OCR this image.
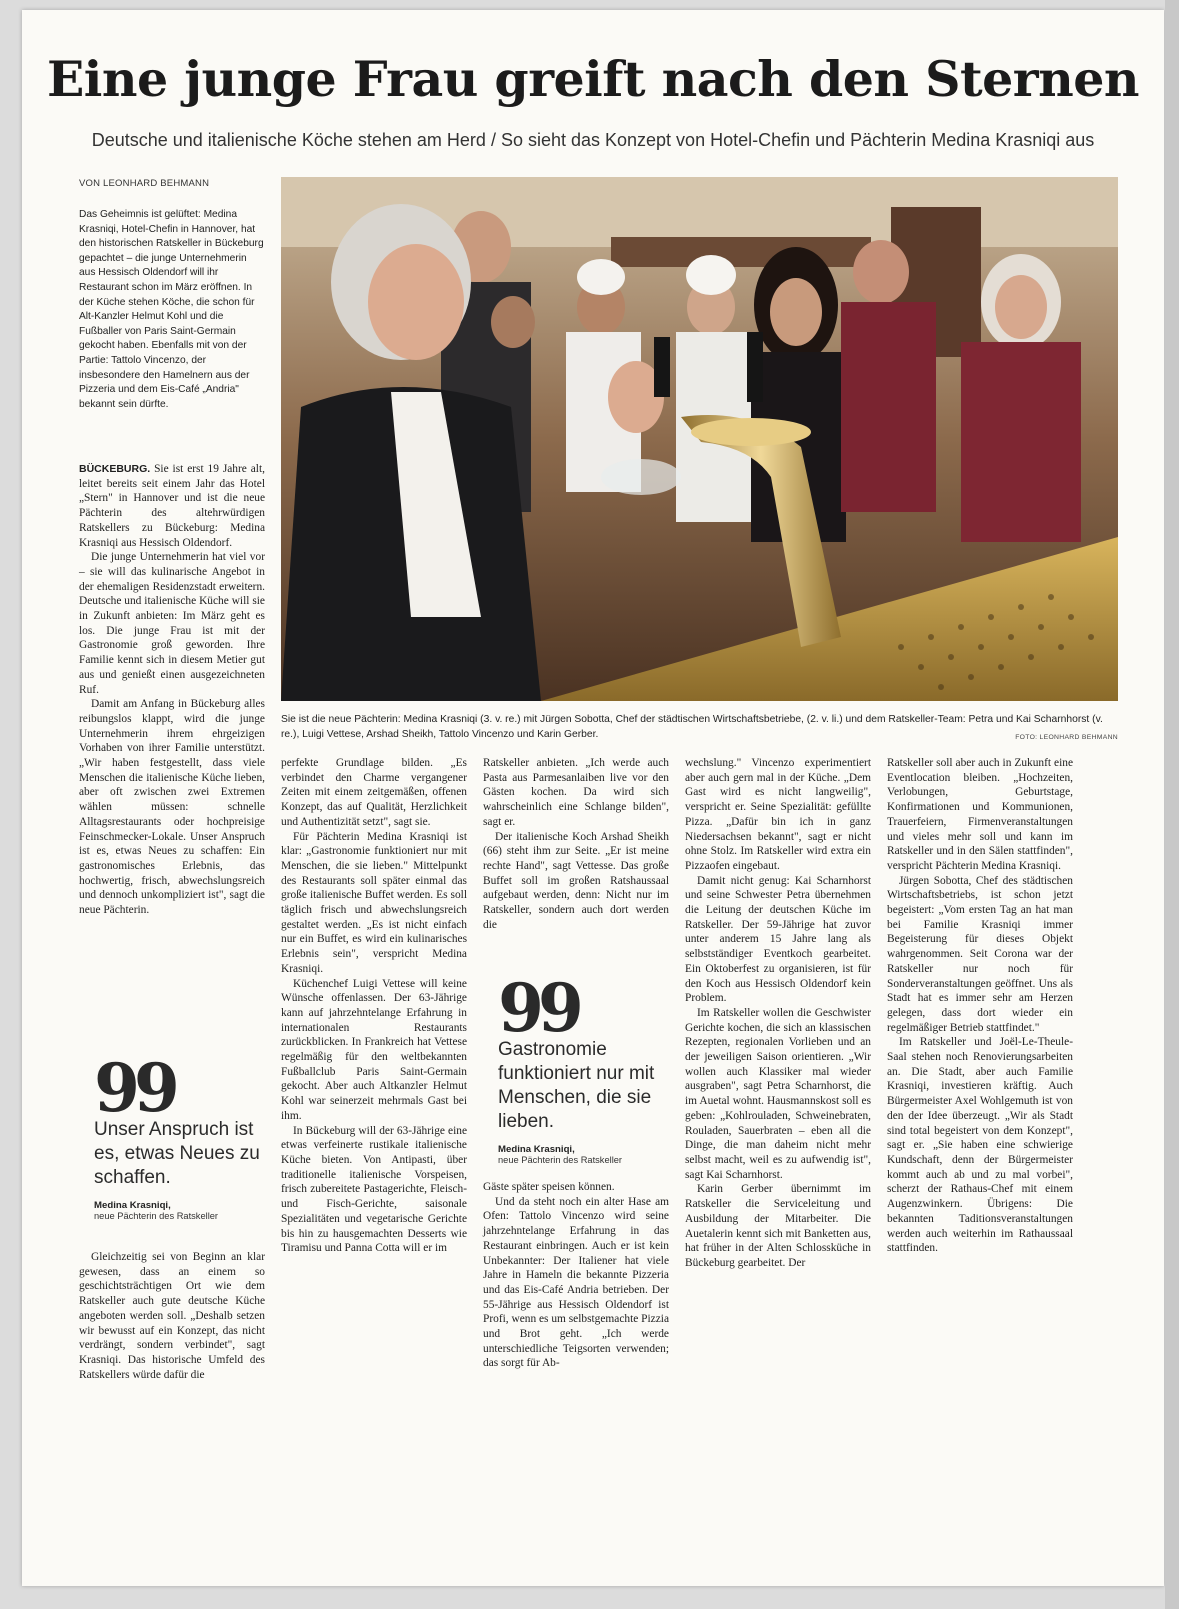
Eine junge Frau greift nach den Sternen
Deutsche und italienische Köche stehen am Herd / So sieht das Konzept von Hotel-Chefin und Pächterin Medina Krasniqi aus
VON LEONHARD BEHMANN
Das Geheimnis ist gelüftet: Medina Krasniqi, Hotel-Chefin in Hannover, hat den historischen Ratskeller in Bückeburg gepachtet – die junge Unternehmerin aus Hessisch Oldendorf will ihr Restaurant schon im März eröffnen. In der Küche stehen Köche, die schon für Alt-Kanzler Helmut Kohl und die Fußballer von Paris Saint-Germain gekocht haben. Ebenfalls mit von der Partie: Tattolo Vincenzo, der insbesondere den Hamelnern aus der Pizzeria und dem Eis-Café „Andria" bekannt sein dürfte.
Sie ist die neue Pächterin: Medina Krasniqi (3. v. re.) mit Jürgen Sobotta, Chef der städtischen Wirtschaftsbetriebe, (2. v. li.) und dem Ratskeller-Team: Petra und Kai Scharnhorst (v. re.), Luigi Vettese, Arshad Sheikh, Tattolo Vincenzo und Karin Gerber.	FOTO: LEONHARD BEHMANN

BÜCKEBURG. Sie ist erst 19 Jahre alt, leitet bereits seit einem Jahr das Hotel „Stern" in Hannover und ist die neue Pächterin des altehrwürdigen Ratskellers zu Bückeburg: Medina Krasniqi aus Hessisch Oldendorf.

Die junge Unternehmerin hat viel vor – sie will das kulinarische Angebot in der ehemaligen Residenzstadt erweitern. Deutsche und italienische Küche will sie in Zukunft anbieten: Im März geht es los. Die junge Frau ist mit der Gastronomie groß geworden. Ihre Familie kennt sich in diesem Metier gut aus und genießt einen ausgezeichneten Ruf.

Damit am Anfang in Bückeburg alles reibungslos klappt, wird die junge Unternehmerin ihrem ehrgeizigen Vorhaben von ihrer Familie unterstützt. „Wir haben festgestellt, dass viele Menschen die italienische Küche lieben, aber oft zwischen zwei Extremen wählen müssen: schnelle Alltagsrestaurants oder hochpreisige Feinschmecker-Lokale. Unser Anspruch ist es, etwas Neues zu schaffen: Ein gastronomisches Erlebnis, das hochwertig, frisch, abwechslungsreich und dennoch unkompliziert ist", sagt die neue Pächterin.

99
Unser Anspruch ist es, etwas Neues zu schaffen.
Medina Krasniqi,
neue Pächterin des Ratskeller

Gleichzeitig sei von Beginn an klar gewesen, dass an einem so geschichtsträchtigen Ort wie dem Ratskeller auch gute deutsche Küche angeboten werden soll. „Deshalb setzen wir bewusst auf ein Konzept, das nicht verdrängt, sondern verbindet", sagt Krasniqi. Das historische Umfeld des Ratskellers würde dafür die

perfekte Grundlage bilden. „Es verbindet den Charme vergangener Zeiten mit einem zeitgemäßen, offenen Konzept, das auf Qualität, Herzlichkeit und Authentizität setzt", sagt sie.

Für Pächterin Medina Krasniqi ist klar: „Gastronomie funktioniert nur mit Menschen, die sie lieben." Mittelpunkt des Restaurants soll später einmal das große italienische Buffet werden. Es soll täglich frisch und abwechslungsreich gestaltet werden. „Es ist nicht einfach nur ein Buffet, es wird ein kulinarisches Erlebnis sein", verspricht Medina Krasniqi.

Küchenchef Luigi Vettese will keine Wünsche offenlassen. Der 63-Jährige kann auf jahrzehntelange Erfahrung in internationalen Restaurants zurückblicken. In Frankreich hat Vettese regelmäßig für den weltbekannten Fußballclub Paris Saint-Germain gekocht. Aber auch Altkanzler Helmut Kohl war seinerzeit mehrmals Gast bei ihm.

In Bückeburg will der 63-Jährige eine etwas verfeinerte rustikale italienische Küche bieten. Von Antipasti, über traditionelle italienische Vorspeisen, frisch zubereitete Pastagerichte, Fleisch- und Fisch-Gerichte, saisonale Spezialitäten und vegetarische Gerichte bis hin zu hausgemachten Desserts wie Tiramisu und Panna Cotta will er im

Ratskeller anbieten. „Ich werde auch Pasta aus Parmesanlaiben live vor den Gästen kochen. Da wird sich wahrscheinlich eine Schlange bilden", sagt er.

Der italienische Koch Arshad Sheikh (66) steht ihm zur Seite. „Er ist meine rechte Hand", sagt Vettesse. Das große Buffet soll im großen Ratshaussaal aufgebaut werden, denn: Nicht nur im Ratskeller, sondern auch dort werden die

99
Gastronomie funktioniert nur mit Menschen, die sie lieben.
Medina Krasniqi,
neue Pächterin des Ratskeller

Gäste später speisen können.

Und da steht noch ein alter Hase am Ofen: Tattolo Vincenzo wird seine jahrzehntelange Erfahrung in das Restaurant einbringen. Auch er ist kein Unbekannter: Der Italiener hat viele Jahre in Hameln die bekannte Pizzeria und das Eis-Café Andria betrieben. Der 55-Jährige aus Hessisch Oldendorf ist Profi, wenn es um selbstgemachte Pizzia und Brot geht. „Ich werde unterschiedliche Teigsorten verwenden; das sorgt für Ab-

wechslung." Vincenzo experimentiert aber auch gern mal in der Küche. „Dem Gast wird es nicht langweilig", verspricht er. Seine Spezialität: gefüllte Pizza. „Dafür bin ich in ganz Niedersachsen bekannt", sagt er nicht ohne Stolz. Im Ratskeller wird extra ein Pizzaofen eingebaut.

Damit nicht genug: Kai Scharnhorst und seine Schwester Petra übernehmen die Leitung der deutschen Küche im Ratskeller. Der 59-Jährige hat zuvor unter anderem 15 Jahre lang als selbstständiger Eventkoch gearbeitet. Ein Oktoberfest zu organisieren, ist für den Koch aus Hessisch Oldendorf kein Problem.

Im Ratskeller wollen die Geschwister Gerichte kochen, die sich an klassischen Rezepten, regionalen Vorlieben und an der jeweiligen Saison orientieren. „Wir wollen auch Klassiker mal wieder ausgraben", sagt Petra Scharnhorst, die im Auetal wohnt. Hausmannskost soll es geben: „Kohlrouladen, Schweinebraten, Rouladen, Sauerbraten – eben all die Dinge, die man daheim nicht mehr selbst macht, weil es zu aufwendig ist", sagt Kai Scharnhorst.

Karin Gerber übernimmt im Ratskeller die Serviceleitung und Ausbildung der Mitarbeiter. Die Auetalerin kennt sich mit Banketten aus, hat früher in der Alten Schlossküche in Bückeburg gearbeitet. Der

Ratskeller soll aber auch in Zukunft eine Eventlocation bleiben. „Hochzeiten, Verlobungen, Geburtstage, Konfirmationen und Kommunionen, Trauerfeiern, Firmenveranstaltungen und vieles mehr soll und kann im Ratskeller und in den Sälen stattfinden", verspricht Pächterin Medina Krasniqi.

Jürgen Sobotta, Chef des städtischen Wirtschaftsbetriebs, ist schon jetzt begeistert: „Vom ersten Tag an hat man bei Familie Krasniqi immer Begeisterung für dieses Objekt wahrgenommen. Seit Corona war der Ratskeller nur noch für Sonderveranstaltungen geöffnet. Uns als Stadt hat es immer sehr am Herzen gelegen, dass dort wieder ein regelmäßiger Betrieb stattfindet."

Im Ratskeller und Joël-Le-Theule-Saal stehen noch Renovierungsarbeiten an. Die Stadt, aber auch Familie Krasniqi, investieren kräftig. Auch Bürgermeister Axel Wohlgemuth ist von den der Idee überzeugt. „Wir als Stadt sind total begeistert von dem Konzept", sagt er. „Sie haben eine schwierige Kundschaft, denn der Bürgermeister kommt auch ab und zu mal vorbei", scherzt der Rathaus-Chef mit einem Augenzwinkern. Übrigens: Die bekannten Taditionsveranstaltungen werden auch weiterhin im Rathaussaal stattfinden.
